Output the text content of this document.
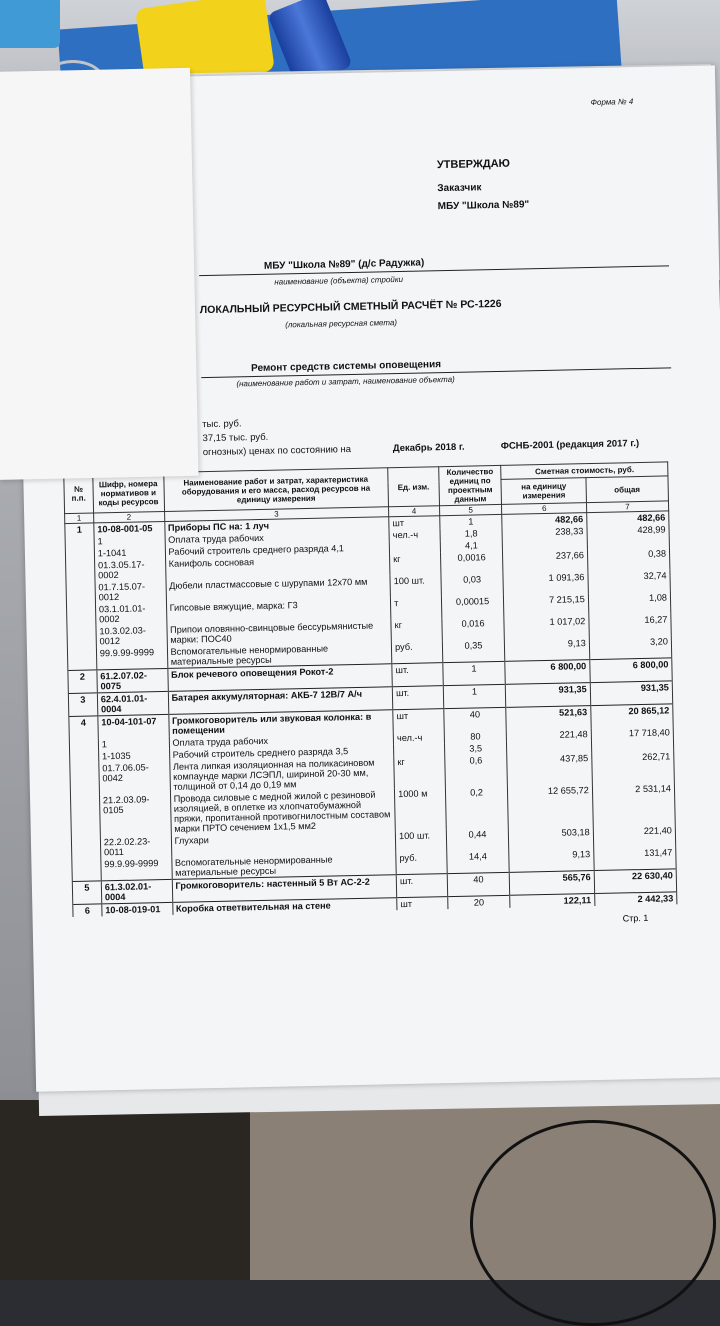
Форма № 4
УТВЕРЖДАЮ
Заказчик
МБУ "Школа №89"
МБУ "Школа №89" (д/с Радужка)
наименование (объекта) стройки
ЛОКАЛЬНЫЙ РЕСУРСНЫЙ СМЕТНЫЙ РАСЧЁТ № РС-1226
(локальная ресурсная смета)
Ремонт средств системы оповещения
(наименование работ и затрат, наименование объекта)
тыс. руб.
37,15 тыс. руб.
огнозных) ценах по состоянию на	Декабрь 2018 г.	ФСНБ-2001 (редакция 2017 г.)
№ п.п.	Шифр, номера нормативов и коды ресурсов	Наименование работ и затрат, характеристика оборудования и его масса, расход ресурсов на единицу измерения	Ед. изм.	Количество единиц по проектным данным	Сметная стоимость, руб.	
					на единицу измерения	общая
1	2	3	4	5	6	7
1	10-08-001-05	Приборы ПС на: 1 луч	шт	1	482,66	482,66
	1	Оплата труда рабочих	чел.-ч	1,8	238,33	428,99
	1-1041	Рабочий строитель среднего разряда 4,1		4,1		
	01.3.05.17-0002	Канифоль сосновая	кг	0,0016	237,66	0,38
	01.7.15.07-0012	Дюбели пластмассовые с шурупами 12х70 мм	100 шт.	0,03	1 091,36	32,74
	03.1.01.01-0002	Гипсовые вяжущие, марка: Г3	т	0,00015	7 215,15	1,08
	10.3.02.03-0012	Припои оловянно-свинцовые бессурьмянистые марки: ПОС40	кг	0,016	1 017,02	16,27
	99.9.99-9999	Вспомогательные ненормированные материальные ресурсы	руб.	0,35	9,13	3,20
2	61.2.07.02-0075	Блок речевого оповещения Рокот-2	шт.	1	6 800,00	6 800,00
3	62.4.01.01-0004	Батарея аккумуляторная: АКБ-7 12В/7 А/ч	шт.	1	931,35	931,35
4	10-04-101-07	Громкоговоритель или звуковая колонка: в помещении	шт	40	521,63	20 865,12
	1	Оплата труда рабочих	чел.-ч	80	221,48	17 718,40
	1-1035	Рабочий строитель среднего разряда 3,5		3,5		
	01.7.06.05-0042	Лента липкая изоляционная на поликасиновом компаунде марки ЛСЭПЛ, шириной 20-30 мм, толщиной от 0,14 до 0,19 мм	кг	0,6	437,85	262,71
	21.2.03.09-0105	Провода силовые с медной жилой с резиновой изоляцией, в оплетке из хлопчатобумажной пряжи, пропитанной противогнилостным составом марки ПРТО сечением 1х1,5 мм2	1000 м	0,2	12 655,72	2 531,14
	22.2.02.23-0011	Глухари	100 шт.	0,44	503,18	221,40
	99.9.99-9999	Вспомогательные ненормированные материальные ресурсы	руб.	14,4	9,13	131,47
5	61.3.02.01-0004	Громкоговоритель: настенный 5 Вт АС-2-2	шт.	40	565,76	22 630,40
6	10-08-019-01	Коробка ответвительная на стене	шт	20	122,11	2 442,33
Стр. 1
